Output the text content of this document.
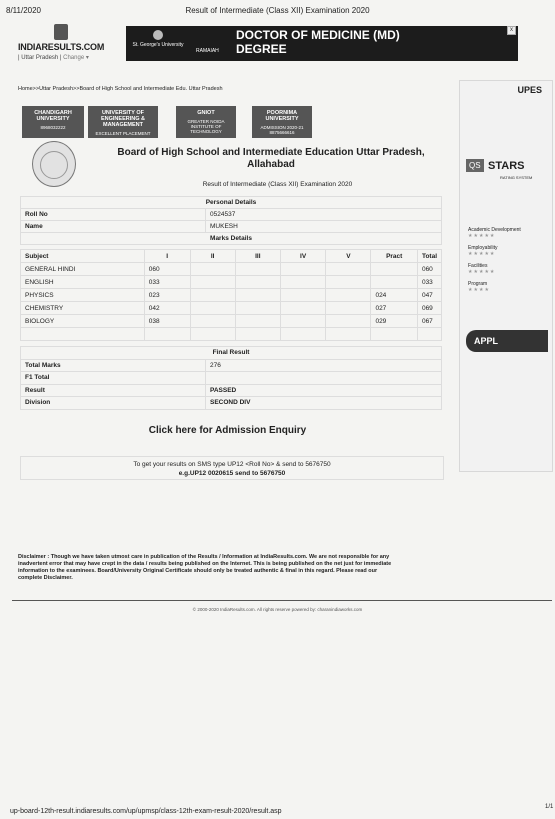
8/11/2020	Result of Intermediate (Class XII) Examination 2020
INDIARESULTS.COM
| Uttar Pradesh | Change ▾
St. George's University
RAMAIAH
DOCTOR OF MEDICINE (MD) DEGREE
x
Home>>Uttar Pradesh>>Board of High School and Intermediate Edu. Uttar Pradesh
CHANDIGARH UNIVERSITY
8968032222
UNIVERSITY OF ENGINEERING & MANAGEMENT
EXCELLENT PLACEMENT
GNIOT
GREATER NOIDA INSTITUTE OF TECHNOLOGY
POORNIMA UNIVERSITY
ADMISSION 2020-21 8875666616
UPES
QS STARS
RATING SYSTEM
Academic Development
★★★★★
Employability
★★★★★
Facilities
★★★★★
Program
★★★★
APPL
Board of High School and Intermediate Education Uttar Pradesh, Allahabad
Result of Intermediate (Class XII) Examination 2020
Personal Details	
Roll No	0524537
Name	MUKESH
Marks Details	
Subject	I	II	III	IV	V	Pract	Total
GENERAL HINDI	060						060
ENGLISH	033						033
PHYSICS	023					024	047
CHEMISTRY	042					027	069
BIOLOGY	038					029	067

Final Result	
Total Marks	276
F1 Total	
Result	PASSED
Division	SECOND DIV
Click here for Admission Enquiry
To get your results on SMS type UP12 <Roll No> & send to 5676750
e.g.UP12 0020615 send to 5676750
Disclaimer : Though we have taken utmost care in publication of the Results / Information at IndiaResults.com. We are not responsible for any inadvertent error that may have crept in the data / results being published on the Internet. This is being published on the net just for immediate information to the examinees. Board/University Original Certificate should only be treated authentic & final in this regard. Please read our complete Disclaimer.
© 2000-2020 IndiaResults.com. All rights reserve powered by: charanindiaworks.com
up-board-12th-result.indiaresults.com/up/upmsp/class-12th-exam-result-2020/result.asp
1/1
